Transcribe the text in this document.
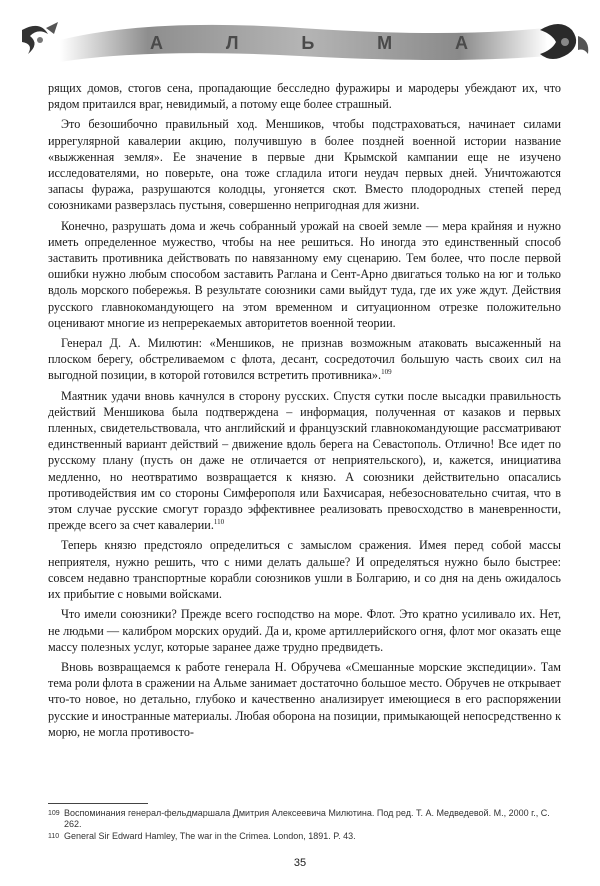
А	Л	Ь	М	А

рящих домов, стогов сена, пропадающие бесследно фуражиры и мародеры убеждают их, что рядом притаился враг, невидимый, а потому еще более страшный.

Это безошибочно правильный ход. Меншиков, чтобы подстраховаться, начинает силами иррегулярной кавалерии акцию, получившую в более поздней военной истории название «выжженная земля». Ее значение в первые дни Крымской кампании еще не изучено исследователями, но поверьте, она тоже сгладила итоги неудач первых дней. Уничтожаются запасы фуража, разрушаются колодцы, угоняется скот. Вместо плодородных степей перед союзниками разверзлась пустыня, совершенно непригодная для жизни.

Конечно, разрушать дома и жечь собранный урожай на своей земле — мера крайняя и нужно иметь определенное мужество, чтобы на нее решиться. Но иногда это единственный способ заставить противника действовать по навязанному ему сценарию. Тем более, что после первой ошибки нужно любым способом заставить Раглана и Сент-Арно двигаться только на юг и только вдоль морского побережья. В результате союзники сами выйдут туда, где их уже ждут. Действия русского главнокомандующего на этом временном и ситуационном отрезке положительно оценивают многие из непререкаемых авторитетов военной теории.

Генерал Д. А. Милютин: «Меншиков, не признав возможным атаковать высаженный на плоском берегу, обстреливаемом с флота, десант, сосредоточил большую часть своих сил на выгодной позиции, в которой готовился встретить противника».$^{109}$

Маятник удачи вновь качнулся в сторону русских. Спустя сутки после высадки правильность действий Меншикова была подтверждена – информация, полученная от казаков и первых пленных, свидетельствовала, что английский и французский главнокомандующие рассматривают единственный вариант действий – движение вдоль берега на Севастополь. Отлично! Все идет по русскому плану (пусть он даже не отличается от неприятельского), и, кажется, инициатива медленно, но неотвратимо возвращается к князю. А союзники действительно опасались противодействия им со стороны Симферополя или Бахчисарая, небезосновательно считая, что в этом случае русские смогут гораздо эффективнее реализовать превосходство в маневренности, прежде всего за счет кавалерии.$^{110}$

Теперь князю предстояло определиться с замыслом сражения. Имея перед собой массы неприятеля, нужно решить, что с ними делать дальше? И определяться нужно было быстрее: совсем недавно транспортные корабли союзников ушли в Болгарию, и со дня на день ожидалось их прибытие с новыми войсками.

Что имели союзники? Прежде всего господство на море. Флот. Это кратно усиливало их. Нет, не людьми — калибром морских орудий. Да и, кроме артиллерийского огня, флот мог оказать еще массу полезных услуг, которые заранее даже трудно предвидеть.

Вновь возвращаемся к работе генерала Н. Обручева «Смешанные морские экспедиции». Там тема роли флота в сражении на Альме занимает достаточно большое место. Обручев не открывает что-то новое, но детально, глубоко и качественно анализирует имеющиеся в его распоряжении русские и иностранные материалы. Любая оборона на позиции, примыкающей непосредственно к морю, не могла противосто-

109 Воспоминания генерал-фельдмаршала Дмитрия Алексеевича Милютина. Под ред. Т. А. Медведевой. М., 2000 г., С. 262.
110 General Sir Edward Hamley, The war in the Crimea. London, 1891. P. 43.
35
